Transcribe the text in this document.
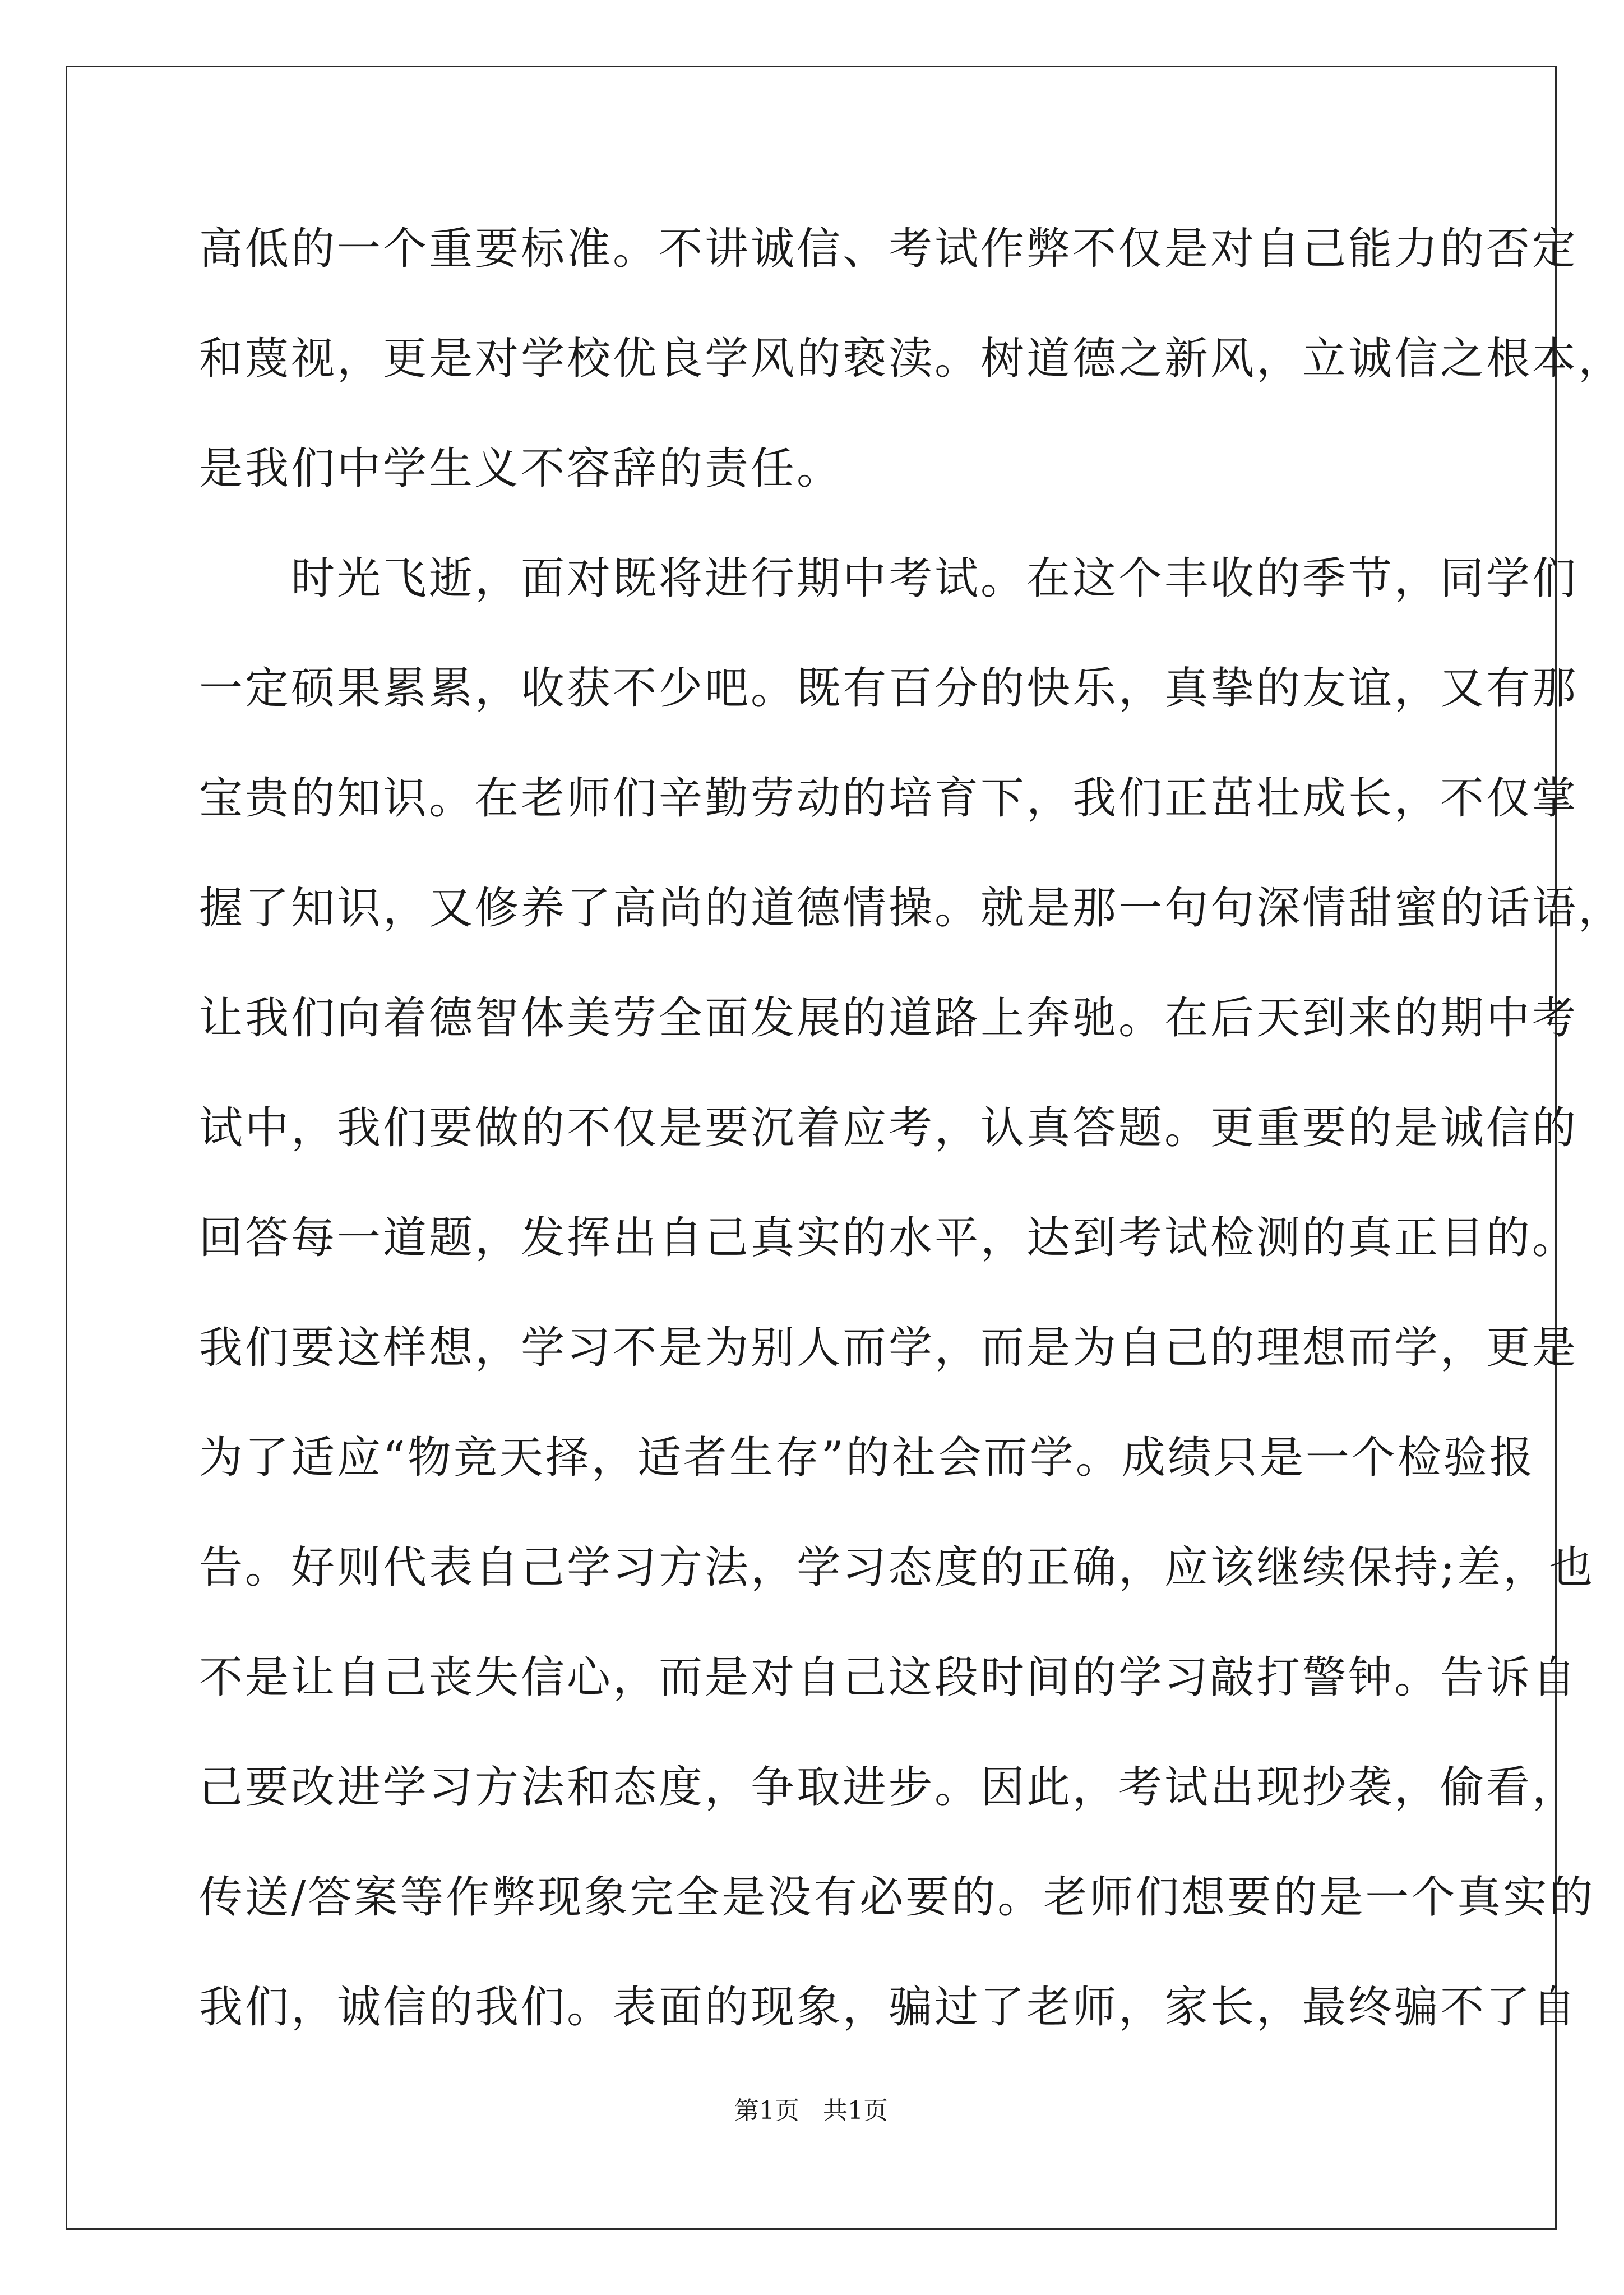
高低的一个重要标准。不讲诚信、考试作弊不仅是对自己能力的否定
和蔑视，更是对学校优良学风的亵渎。树道德之新风，立诚信之根本，
是我们中学生义不容辞的责任。
　　时光飞逝，面对既将进行期中考试。在这个丰收的季节，同学们
一定硕果累累，收获不少吧。既有百分的快乐，真挚的友谊，又有那
宝贵的知识。在老师们辛勤劳动的培育下，我们正茁壮成长，不仅掌
握了知识，又修养了高尚的道德情操。就是那一句句深情甜蜜的话语，
让我们向着德智体美劳全面发展的道路上奔驰。在后天到来的期中考
试中，我们要做的不仅是要沉着应考，认真答题。更重要的是诚信的
回答每一道题，发挥出自己真实的水平，达到考试检测的真正目的。
我们要这样想，学习不是为别人而学，而是为自己的理想而学，更是
为了适应“物竞天择，适者生存”的社会而学。成绩只是一个检验报
告。好则代表自己学习方法，学习态度的正确，应该继续保持;差，也
不是让自己丧失信心，而是对自己这段时间的学习敲打警钟。告诉自
己要改进学习方法和态度，争取进步。因此，考试出现抄袭，偷看，
传送/答案等作弊现象完全是没有必要的。老师们想要的是一个真实的
我们，诚信的我们。表面的现象，骗过了老师，家长，最终骗不了自
第1页   共1页
